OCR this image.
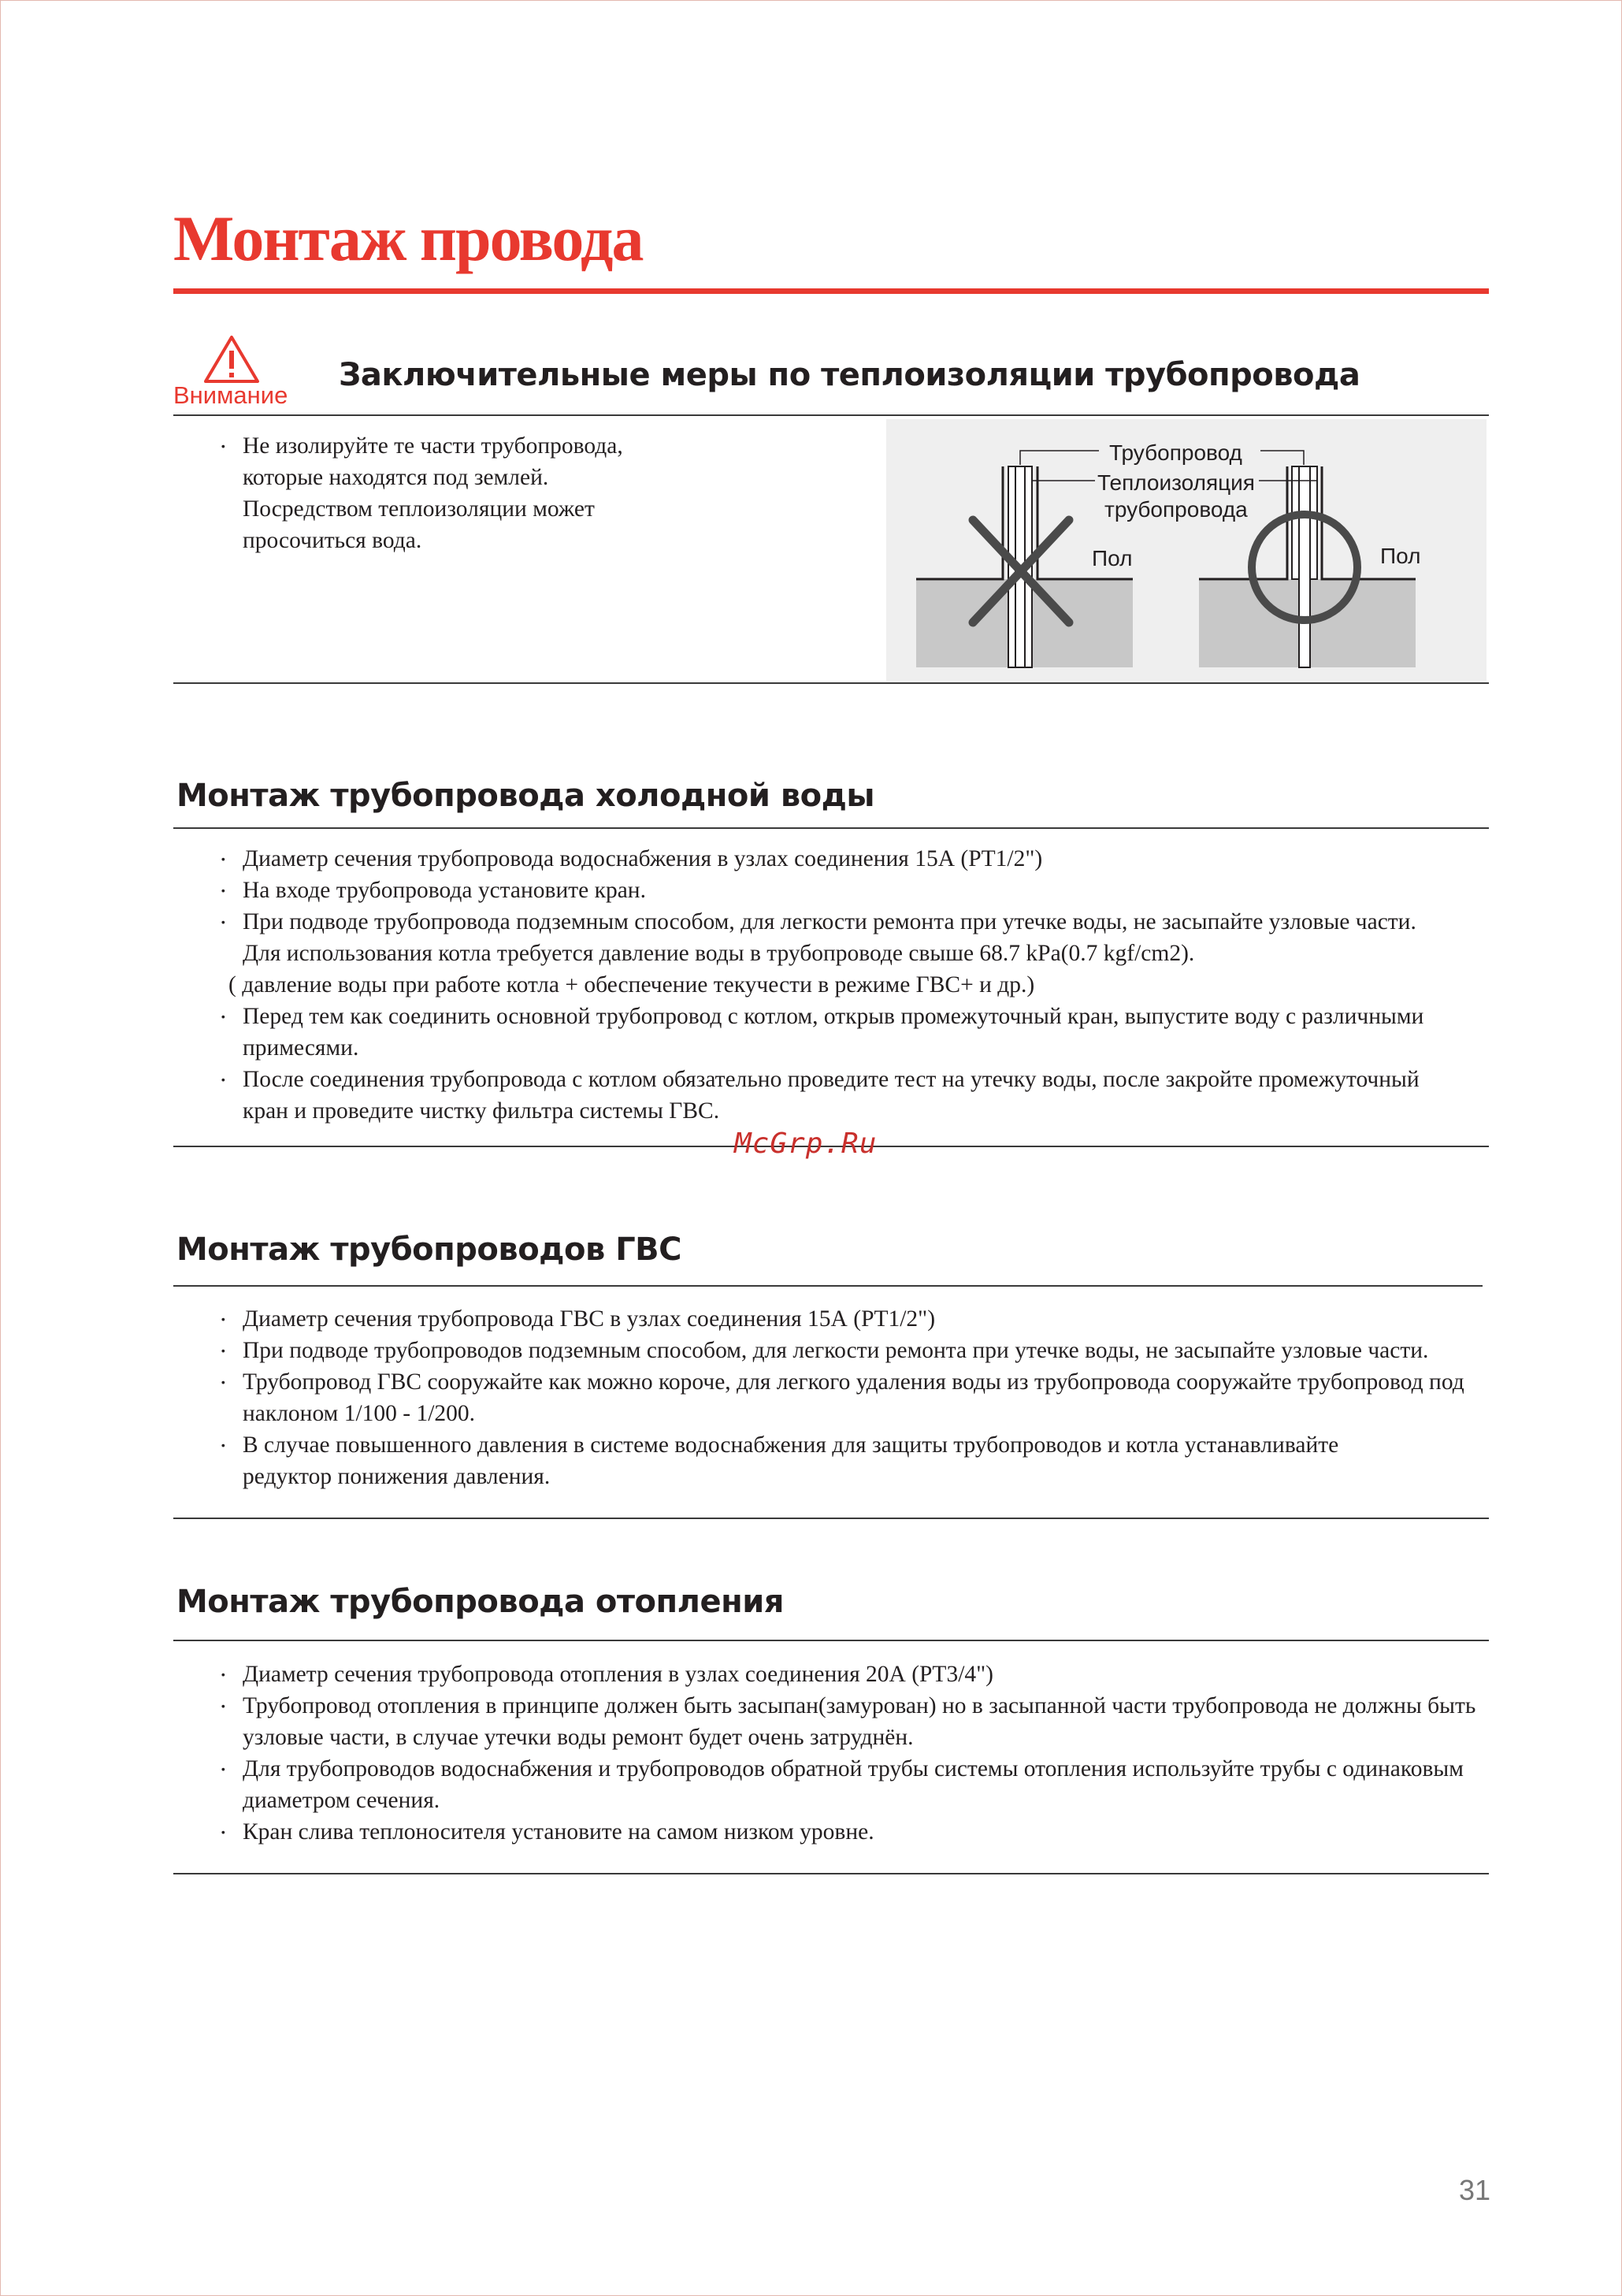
Монтаж провода
Внимание
Заключительные меры по теплоизоляции трубопровода
· Не изолируйте те части трубопровода,
которые находятся под землей.
Посредством теплоизоляции может
просочиться вода.
Трубопровод
Теплоизоляция
трубопровода
Пол	Пол
Монтаж трубопровода холодной воды
· Диаметр сечения трубопровода водоснабжения в узлах соединения 15А (PT1/2")
· На входе трубопровода установите кран.
· При подводе трубопровода подземным способом, для легкости ремонта при утечке воды, не засыпайте узловые части.
Для использования котла требуется давление воды в трубопроводе свыше 68.7 kPa(0.7 kgf/cm2).
( давление воды при работе котла + обеспечение текучести в режиме ГВС+ и др.)
· Перед тем как соединить основной трубопровод с котлом, открыв промежуточный кран, выпустите воду с различными
примесями.
· После соединения трубопровода с котлом обязательно проведите тест на утечку воды, после закройте промежуточный
кран и проведите чистку фильтра системы ГВС.
McGrp.Ru
Монтаж трубопроводов ГВС
· Диаметр сечения трубопровода ГВС в узлах соединения 15А (PT1/2")
· При подводе трубопроводов подземным способом, для легкости ремонта при утечке воды, не засыпайте узловые части.
· Трубопровод ГВС сооружайте как можно короче, для легкого удаления воды из трубопровода сооружайте трубопровод под
наклоном 1/100 - 1/200.
· В случае повышенного давления в системе водоснабжения для защиты трубопроводов и котла устанавливайте
редуктор понижения давления.
Монтаж трубопровода отопления
· Диаметр сечения трубопровода отопления в узлах соединения 20А (PT3/4")
· Трубопровод отопления в принципе должен быть засыпан(замурован) но в засыпанной части трубопровода не должны быть
узловые части, в случае утечки воды ремонт будет очень затруднён.
· Для трубопроводов водоснабжения и трубопроводов обратной трубы системы отопления используйте трубы с одинаковым
диаметром сечения.
· Кран слива теплоносителя установите на самом низком уровне.
31
